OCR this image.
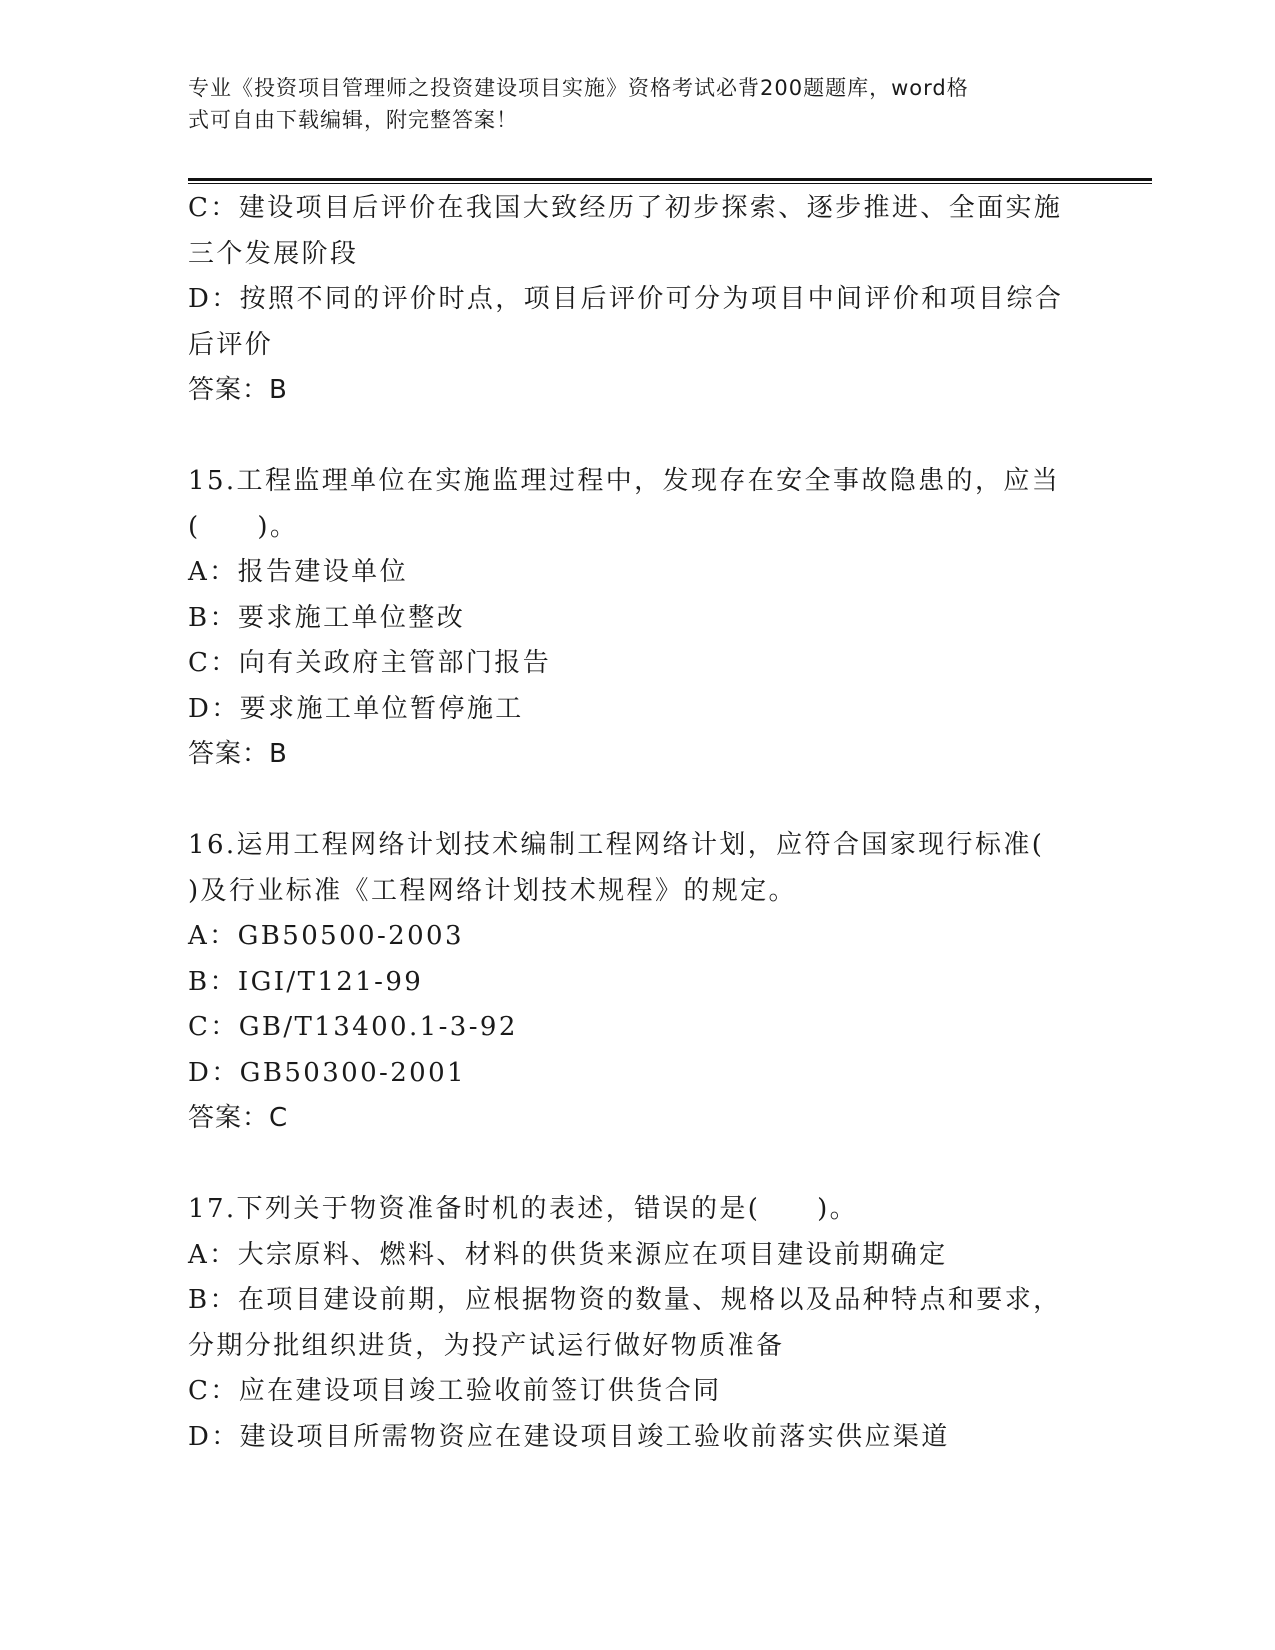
专业《投资项目管理师之投资建设项目实施》资格考试必背200题题库，word格
式可自由下载编辑，附完整答案！
C：建设项目后评价在我国大致经历了初步探索、逐步推进、全面实施
三个发展阶段
D：按照不同的评价时点，项目后评价可分为项目中间评价和项目综合
后评价
答案：B
15.工程监理单位在实施监理过程中，发现存在安全事故隐患的，应当
(　　)。
A：报告建设单位
B：要求施工单位整改
C：向有关政府主管部门报告
D：要求施工单位暂停施工
答案：B
16.运用工程网络计划技术编制工程网络计划，应符合国家现行标准(
)及行业标准《工程网络计划技术规程》的规定。
A：GB50500-2003
B：IGI/T121-99
C：GB/T13400.1-3-92
D：GB50300-2001
答案：C
17.下列关于物资准备时机的表述，错误的是(　　)。
A：大宗原料、燃料、材料的供货来源应在项目建设前期确定
B：在项目建设前期，应根据物资的数量、规格以及品种特点和要求，
分期分批组织进货，为投产试运行做好物质准备
C：应在建设项目竣工验收前签订供货合同
D：建设项目所需物资应在建设项目竣工验收前落实供应渠道
